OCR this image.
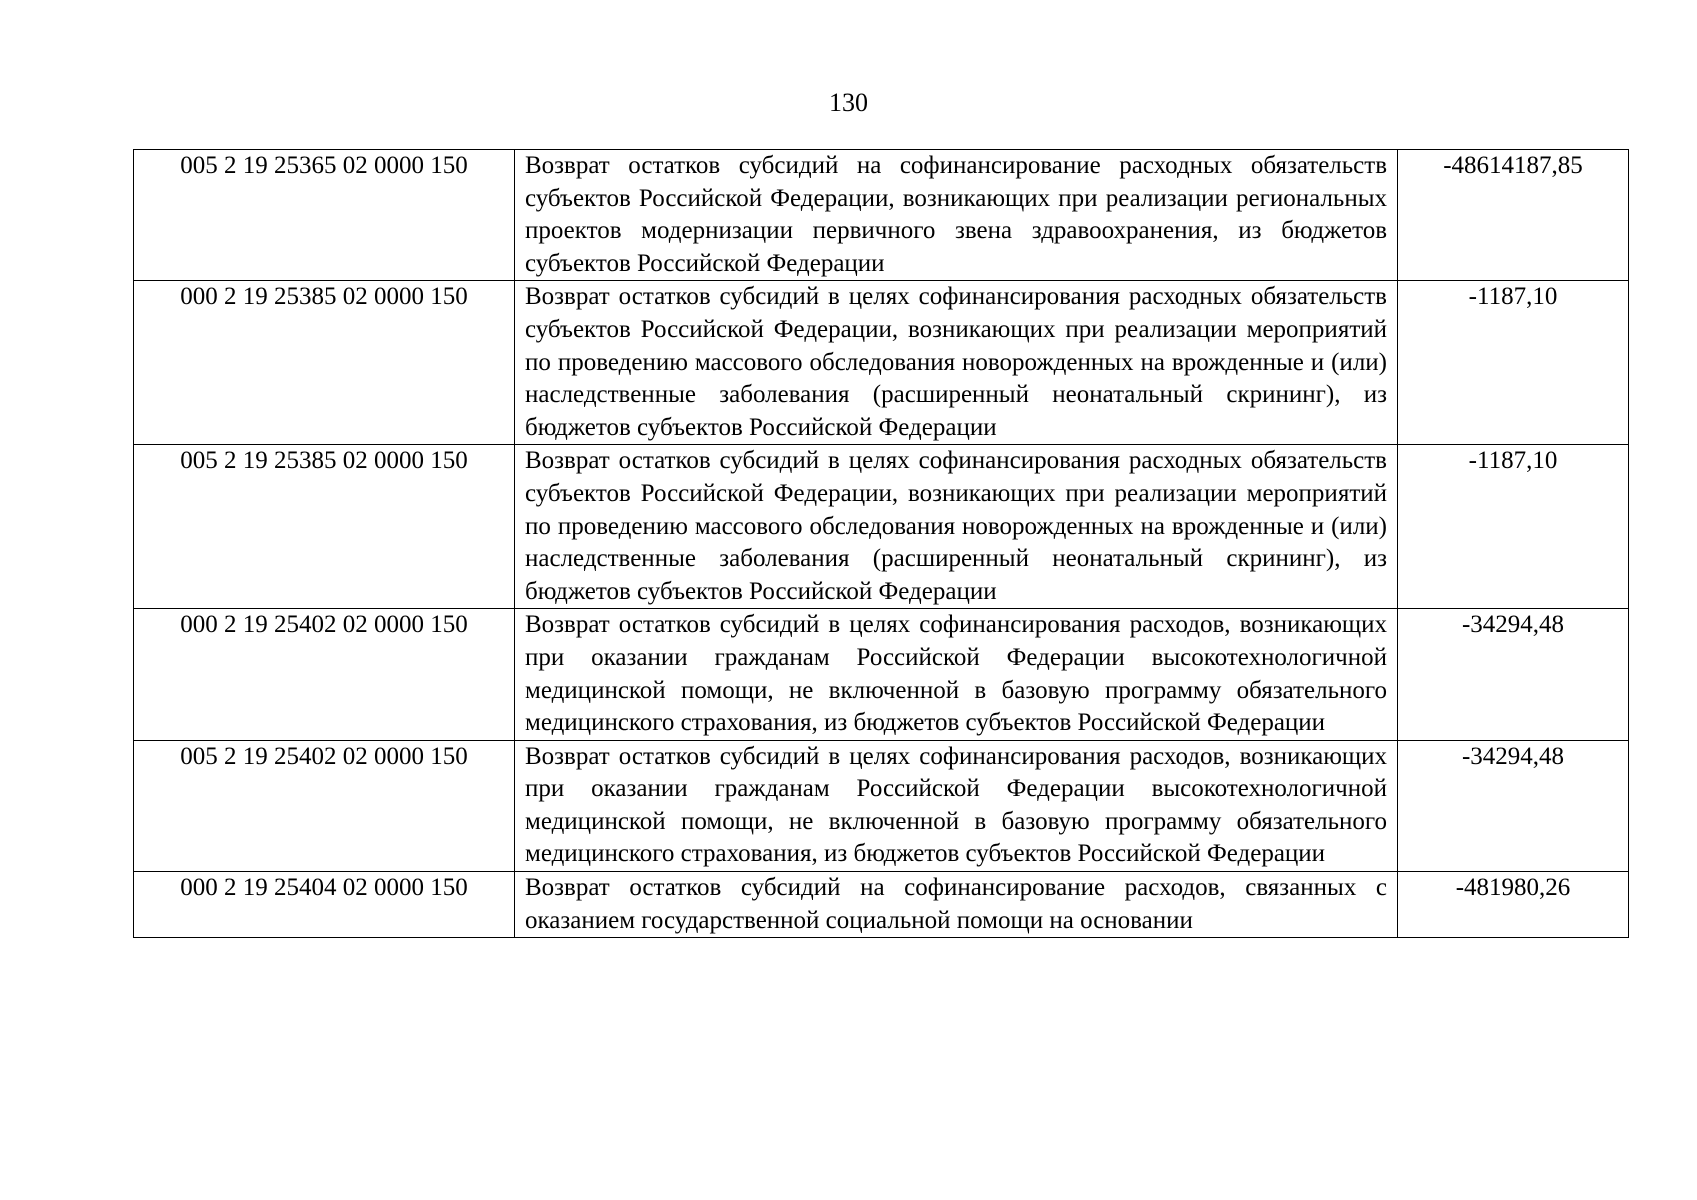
130
005 2 19 25365 02 0000 150	Возврат остатков субсидий на софинансирование расходных обязательств субъектов Российской Федерации, возникающих при реализации региональных проектов модернизации первичного звена здравоохранения, из бюджетов субъектов Российской Федерации	-48614187,85
000 2 19 25385 02 0000 150	Возврат остатков субсидий в целях софинансирования расходных обязательств субъектов Российской Федерации, возникающих при реализации мероприятий по проведению массового обследования новорожденных на врожденные и (или) наследственные заболевания (расширенный неонатальный скрининг), из бюджетов субъектов Российской Федерации	-1187,10
005 2 19 25385 02 0000 150	Возврат остатков субсидий в целях софинансирования расходных обязательств субъектов Российской Федерации, возникающих при реализации мероприятий по проведению массового обследования новорожденных на врожденные и (или) наследственные заболевания (расширенный неонатальный скрининг), из бюджетов субъектов Российской Федерации	-1187,10
000 2 19 25402 02 0000 150	Возврат остатков субсидий в целях софинансирования расходов, возникающих при оказании гражданам Российской Федерации высокотехнологичной медицинской помощи, не включенной в базовую программу обязательного медицинского страхования, из бюджетов субъектов Российской Федерации	-34294,48
005 2 19 25402 02 0000 150	Возврат остатков субсидий в целях софинансирования расходов, возникающих при оказании гражданам Российской Федерации высокотехнологичной медицинской помощи, не включенной в базовую программу обязательного медицинского страхования, из бюджетов субъектов Российской Федерации	-34294,48
000 2 19 25404 02 0000 150	Возврат остатков субсидий на софинансирование расходов, связанных с оказанием государственной социальной помощи на основании	-481980,26
